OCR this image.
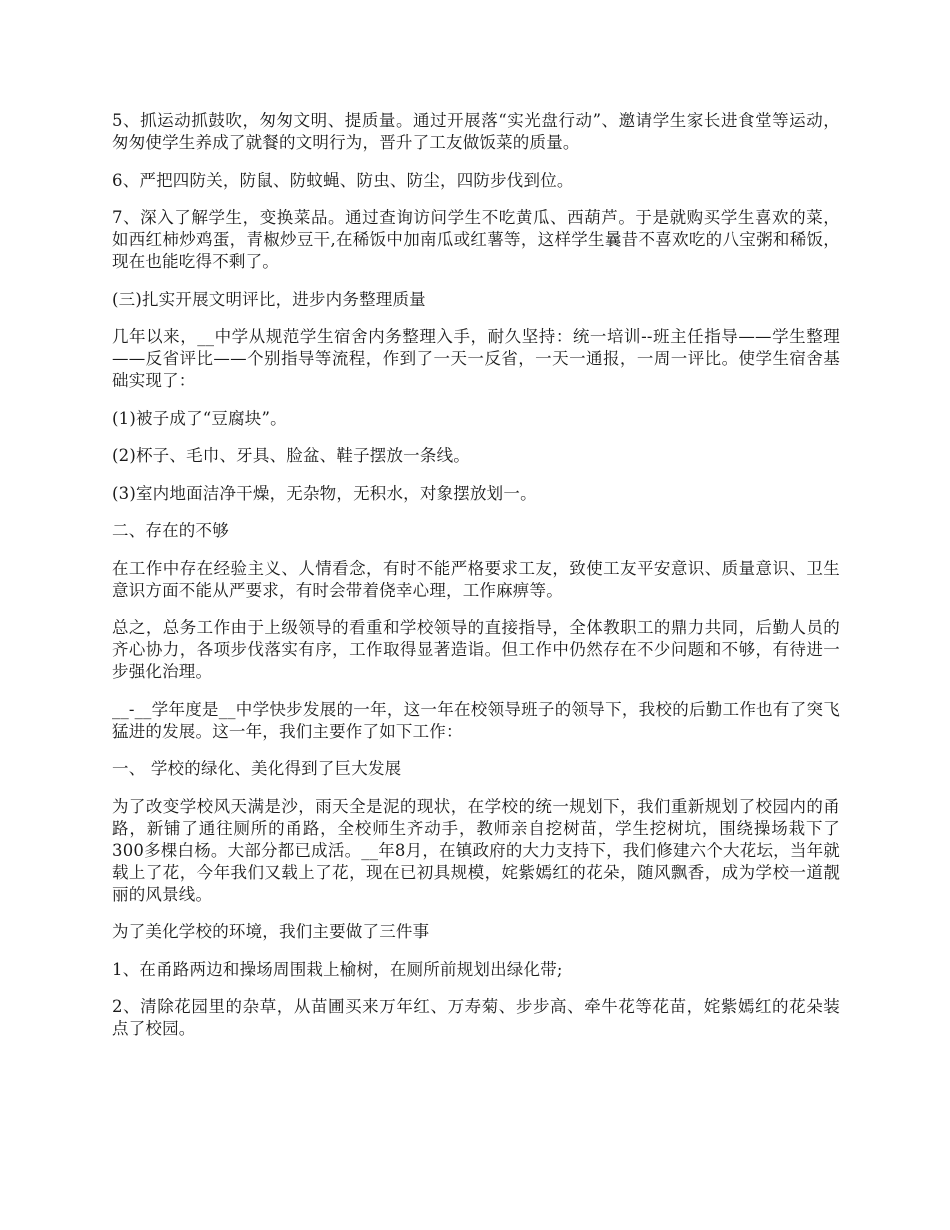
5、抓运动抓鼓吹，匆匆文明、提质量。通过开展落“实光盘行动”、邀请学生家长进食堂等运动，匆匆使学生养成了就餐的文明行为，晋升了工友做饭菜的质量。

6、严把四防关，防鼠、防蚊蝇、防虫、防尘，四防步伐到位。

7、深入了解学生，变换菜品。通过查询访问学生不吃黄瓜、西葫芦。于是就购买学生喜欢的菜，如西红柿炒鸡蛋，青椒炒豆干,在稀饭中加南瓜或红薯等，这样学生曩昔不喜欢吃的八宝粥和稀饭，现在也能吃得不剩了。

(三)扎实开展文明评比，进步内务整理质量

几年以来，__中学从规范学生宿舍内务整理入手，耐久坚持：统一培训--班主任指导——学生整理——反省评比——个别指导等流程，作到了一天一反省，一天一通报，一周一评比。使学生宿舍基础实现了：

(1)被子成了“豆腐块”。

(2)杯子、毛巾、牙具、脸盆、鞋子摆放一条线。

(3)室内地面洁净干燥，无杂物，无积水，对象摆放划一。

二、存在的不够

在工作中存在经验主义、人情看念，有时不能严格要求工友，致使工友平安意识、质量意识、卫生意识方面不能从严要求，有时会带着侥幸心理，工作麻痹等。

总之，总务工作由于上级领导的看重和学校领导的直接指导，全体教职工的鼎力共同，后勤人员的齐心协力，各项步伐落实有序，工作取得显著造诣。但工作中仍然存在不少问题和不够，有待进一步强化治理。

__-__学年度是__中学快步发展的一年，这一年在校领导班子的领导下，我校的后勤工作也有了突飞猛进的发展。这一年，我们主要作了如下工作：

一、 学校的绿化、美化得到了巨大发展

为了改变学校风天满是沙，雨天全是泥的现状，在学校的统一规划下，我们重新规划了校园内的甬路，新铺了通往厕所的甬路，全校师生齐动手，教师亲自挖树苗，学生挖树坑，围绕操场栽下了300多棵白杨。大部分都已成活。__年8月，在镇政府的大力支持下，我们修建六个大花坛，当年就载上了花，今年我们又载上了花，现在已初具规模，姹紫嫣红的花朵，随风飘香，成为学校一道靓丽的风景线。

为了美化学校的环境，我们主要做了三件事

1、在甬路两边和操场周围栽上榆树，在厕所前规划出绿化带;

2、清除花园里的杂草，从苗圃买来万年红、万寿菊、步步高、牵牛花等花苗，姹紫嫣红的花朵装点了校园。
